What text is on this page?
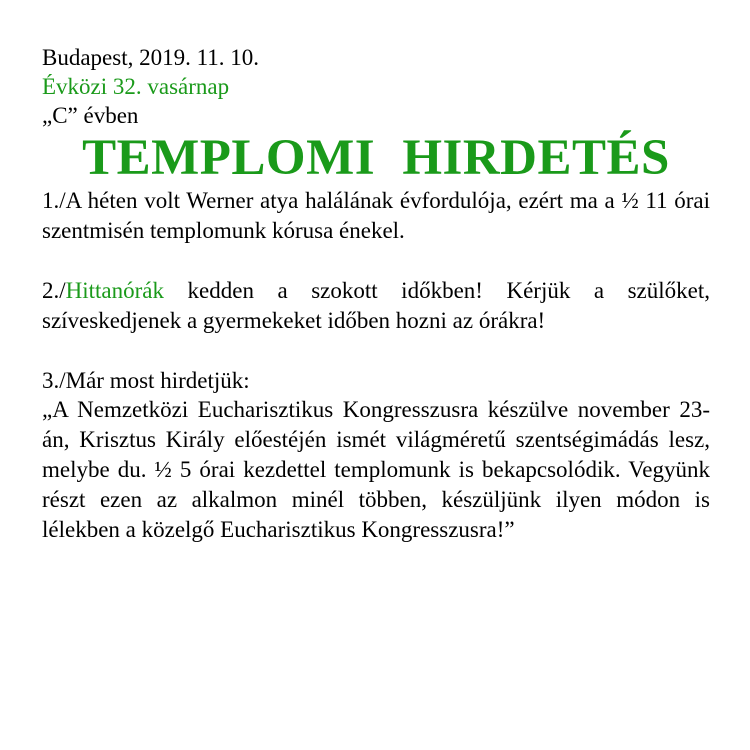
Budapest, 2019. 11. 10.
Évközi 32. vasárnap
„C” évben
TEMPLOMI HIRDETÉS

1./A héten volt Werner atya halálának évfordulója, ezért ma a ½ 11 órai szentmisén templomunk kórusa énekel.

2./Hittanórák kedden a szokott időkben! Kérjük a szülőket, szíveskedjenek a gyermekeket időben hozni az órákra!

3./Már most hirdetjük:

„A Nemzetközi Eucharisztikus Kongresszusra készülve november 23-án, Krisztus Király előestéjén ismét világméretű szentségimádás lesz, melybe du. ½ 5 órai kezdettel templomunk is bekapcsolódik. Vegyünk részt ezen az alkalmon minél többen, készüljünk ilyen módon is lélekben a közelgő Eucharisztikus Kongresszusra!”
